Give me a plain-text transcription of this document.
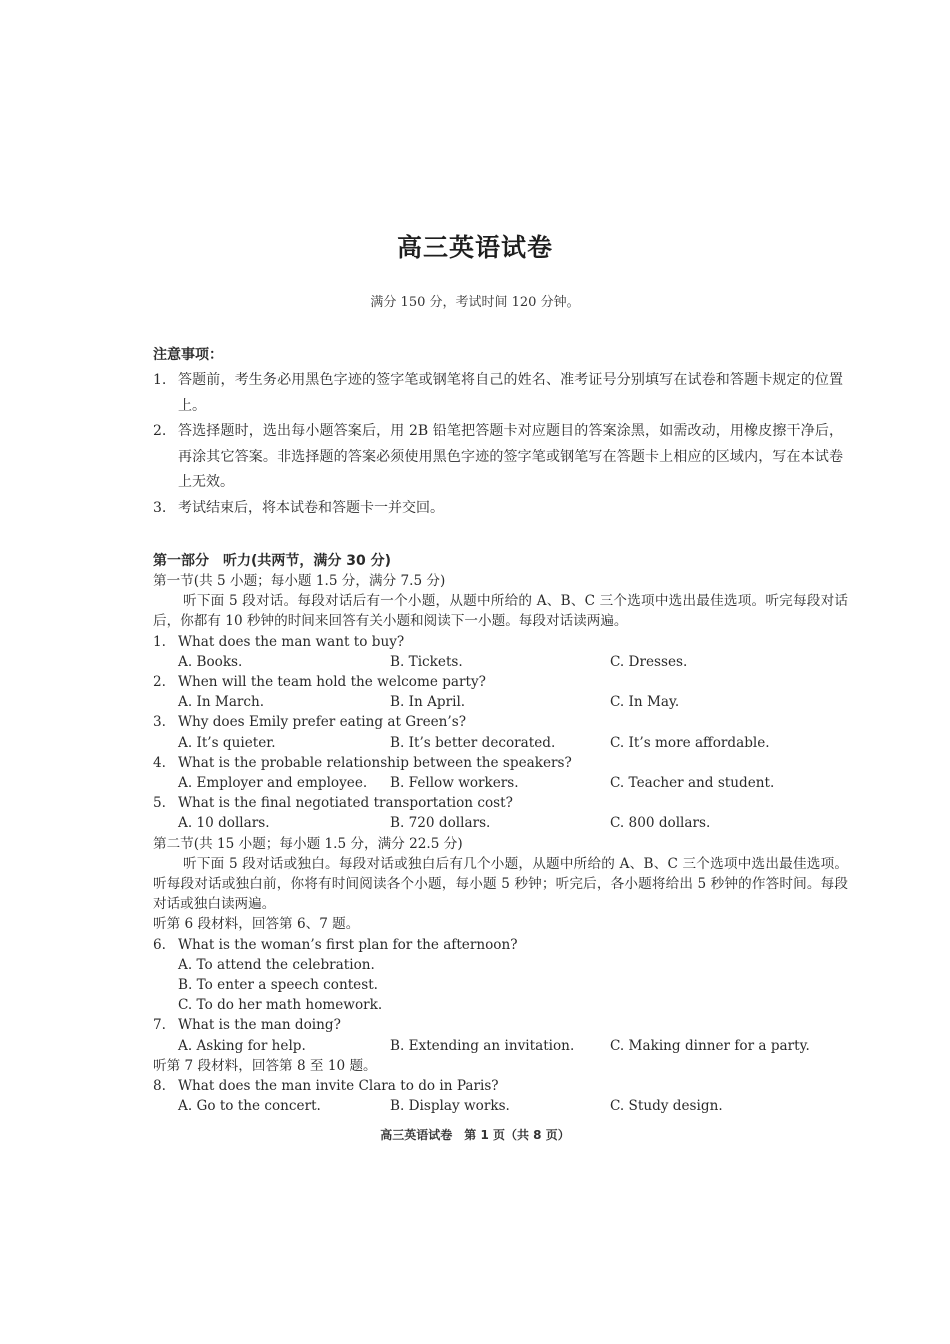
高三英语试卷
满分 150 分，考试时间 120 分钟。
注意事项：
1. 答题前，考生务必用黑色字迹的签字笔或钢笔将自己的姓名、准考证号分别填写在试卷和答题卡规定的位置上。
2. 答选择题时，选出每小题答案后，用 2B 铅笔把答题卡对应题目的答案涂黑，如需改动，用橡皮擦干净后，再涂其它答案。非选择题的答案必须使用黑色字迹的签字笔或钢笔写在答题卡上相应的区域内，写在本试卷上无效。
3. 考试结束后，将本试卷和答题卡一并交回。
第一部分　听力(共两节，满分 30 分)
第一节(共 5 小题；每小题 1.5 分，满分 7.5 分)
听下面 5 段对话。每段对话后有一个小题，从题中所给的 A、B、C 三个选项中选出最佳选项。听完每段对话后，你都有 10 秒钟的时间来回答有关小题和阅读下一小题。每段对话读两遍。
1. What does the man want to buy?
A. Books.	B. Tickets.	C. Dresses.
2. When will the team hold the welcome party?
A. In March.	B. In April.	C. In May.
3. Why does Emily prefer eating at Green’s?
A. It’s quieter.	B. It’s better decorated.	C. It’s more affordable.
4. What is the probable relationship between the speakers?
A. Employer and employee.	B. Fellow workers.	C. Teacher and student.
5. What is the final negotiated transportation cost?
A. 10 dollars.	B. 720 dollars.	C. 800 dollars.
第二节(共 15 小题；每小题 1.5 分，满分 22.5 分)
听下面 5 段对话或独白。每段对话或独白后有几个小题，从题中所给的 A、B、C 三个选项中选出最佳选项。听每段对话或独白前，你将有时间阅读各个小题，每小题 5 秒钟；听完后，各小题将给出 5 秒钟的作答时间。每段对话或独白读两遍。
听第 6 段材料，回答第 6、7 题。
6. What is the woman’s first plan for the afternoon?
A. To attend the celebration.
B. To enter a speech contest.
C. To do her math homework.
7. What is the man doing?
A. Asking for help.	B. Extending an invitation.	C. Making dinner for a party.
听第 7 段材料，回答第 8 至 10 题。
8. What does the man invite Clara to do in Paris?
A. Go to the concert.	B. Display works.	C. Study design.
高三英语试卷　第 1 页（共 8 页）
